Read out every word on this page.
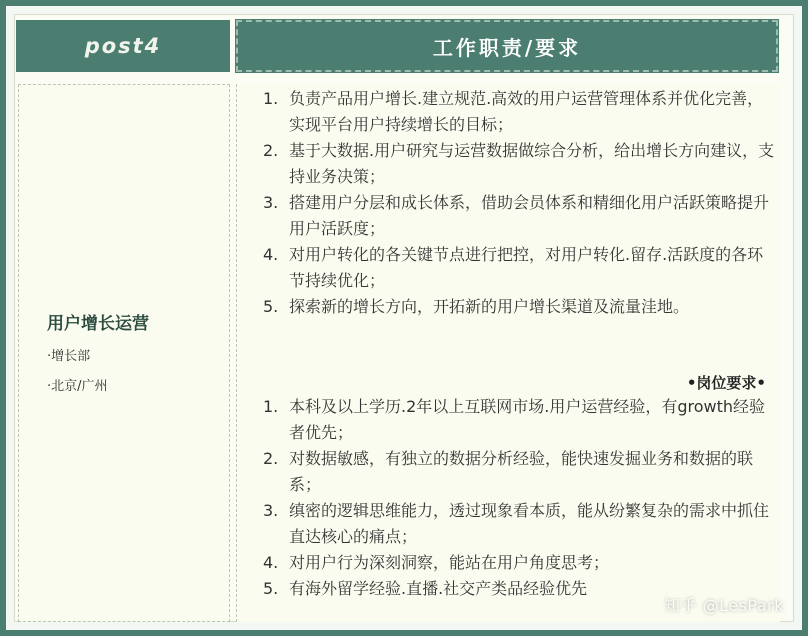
post4	工作职责/要求
用户增长运营
·增长部
·北京/广州
1. 负责产品用户增长.建立规范.高效的用户运营管理体系并优化完善，实现平台用户持续增长的目标；
2. 基于大数据.用户研究与运营数据做综合分析，给出增长方向建议，支持业务决策；
3. 搭建用户分层和成长体系，借助会员体系和精细化用户活跃策略提升用户活跃度；
4. 对用户转化的各关键节点进行把控，对用户转化.留存.活跃度的各环节持续优化；
5. 探索新的增长方向，开拓新的用户增长渠道及流量洼地。
•岗位要求•
1. 本科及以上学历.2年以上互联网市场.用户运营经验，有growth经验者优先；
2. 对数据敏感，有独立的数据分析经验，能快速发掘业务和数据的联系；
3. 缜密的逻辑思维能力，透过现象看本质，能从纷繁复杂的需求中抓住直达核心的痛点；
4. 对用户行为深刻洞察，能站在用户角度思考；
5. 有海外留学经验.直播.社交产类品经验优先
知乎 @LesPark
